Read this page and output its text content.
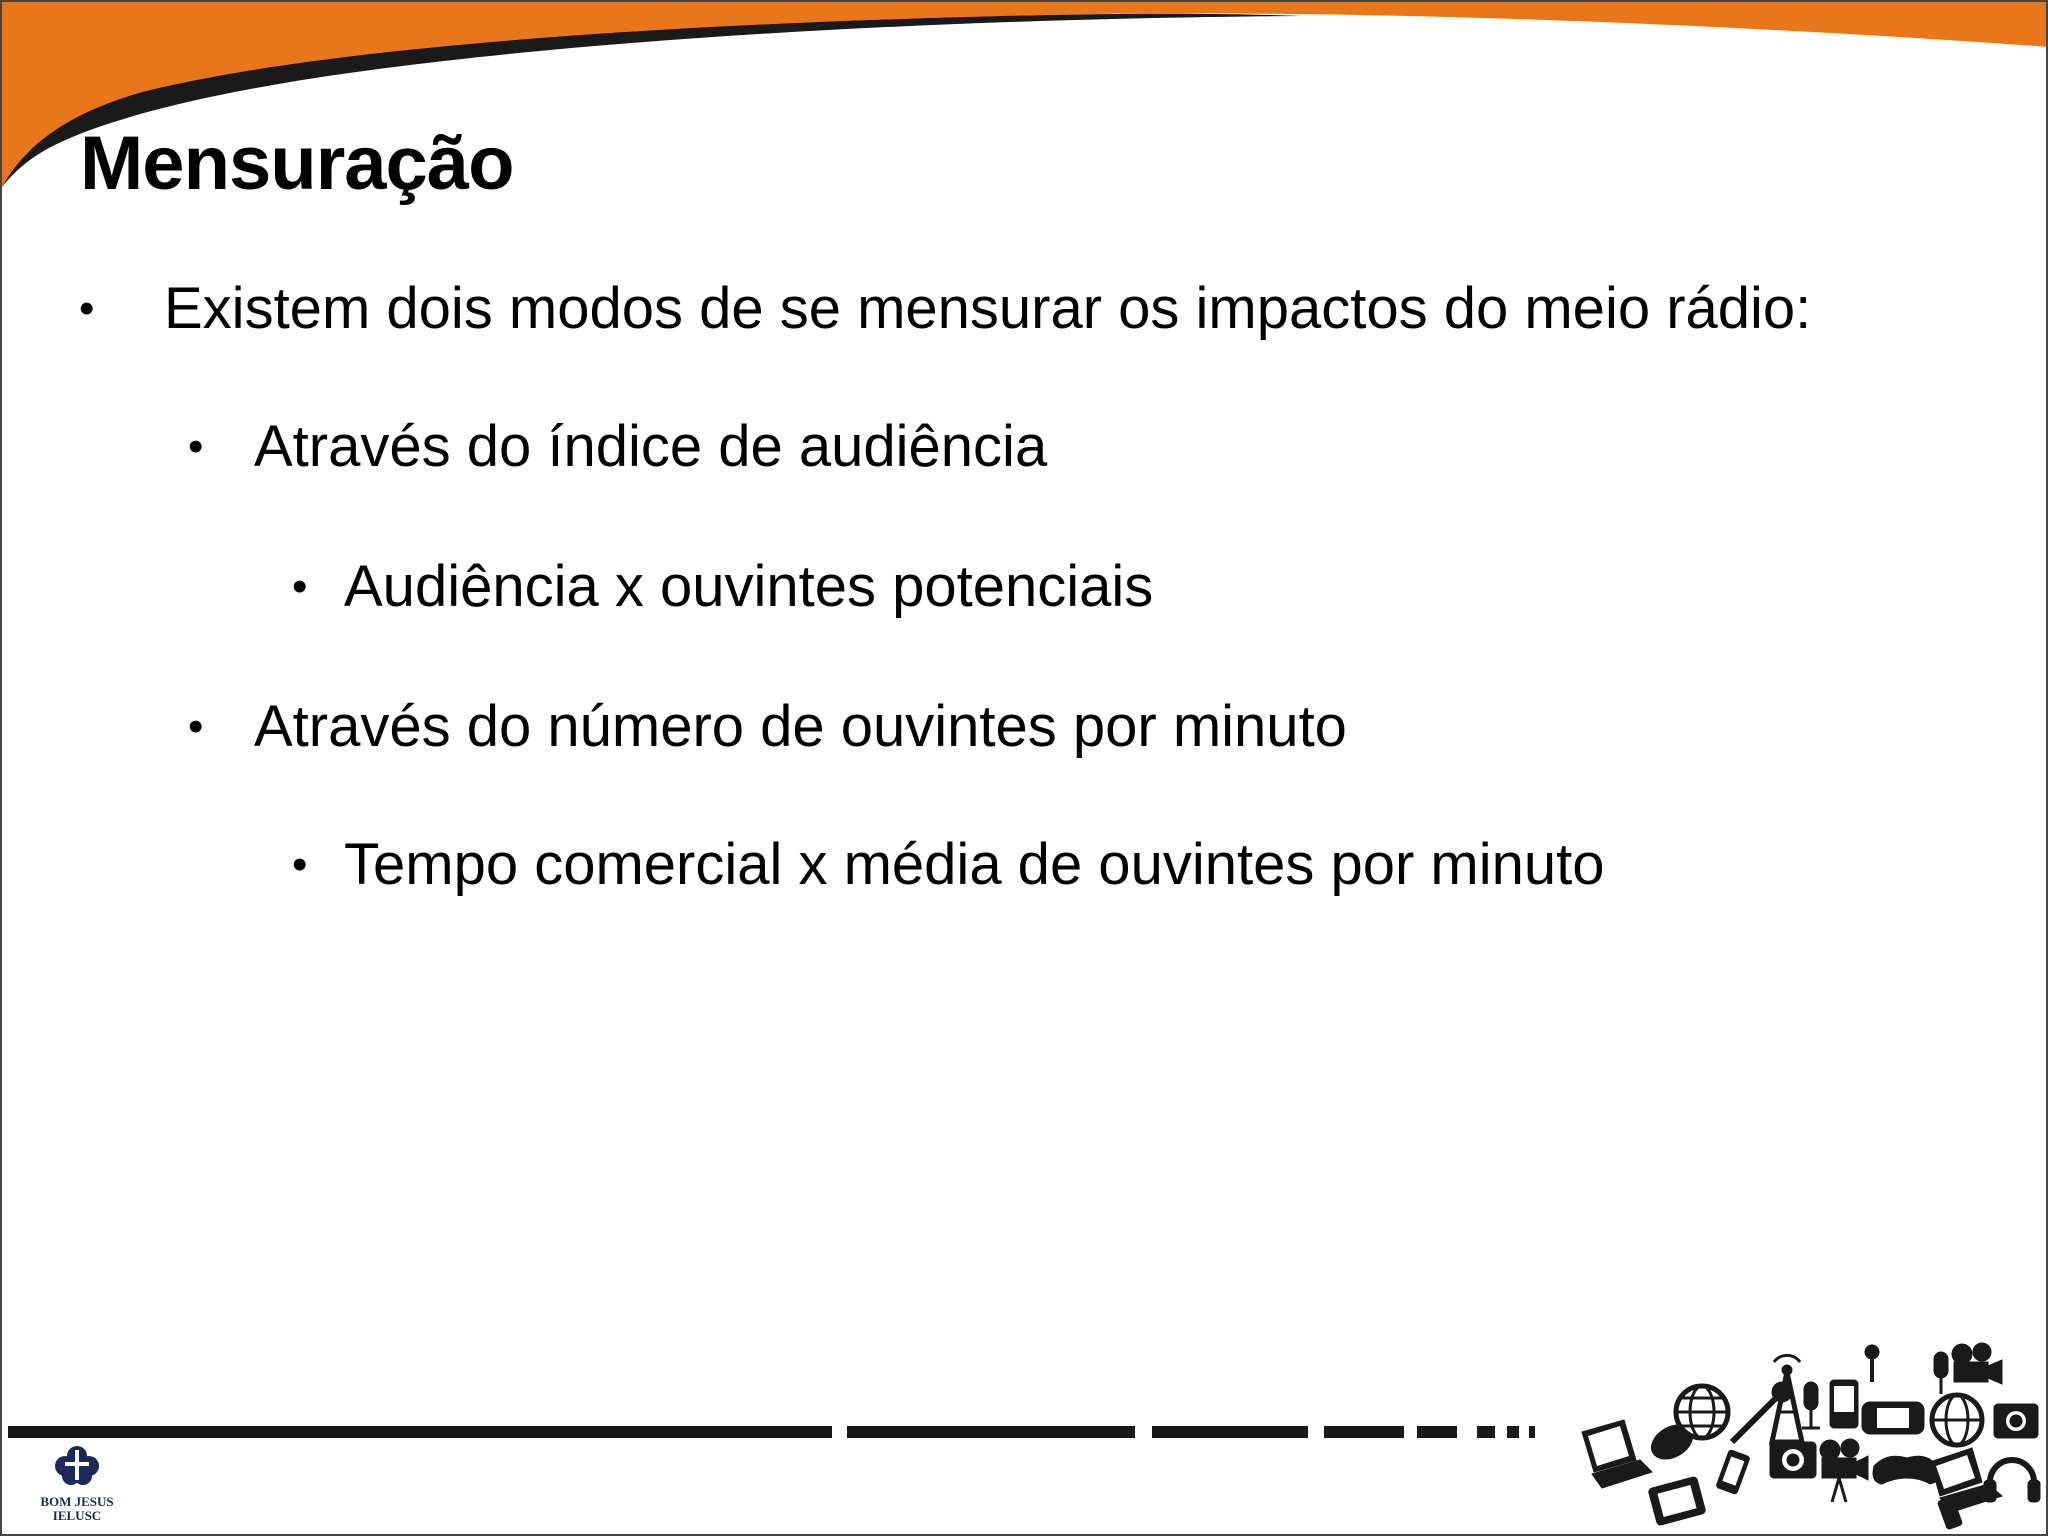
Mensuração
• Existem dois modos de se mensurar os impactos do meio rádio:
• Através do índice de audiência
• Audiência x ouvintes potenciais
• Através do número de ouvintes por minuto
• Tempo comercial x média de ouvintes por minuto
BOM JESUS
IELUSC
